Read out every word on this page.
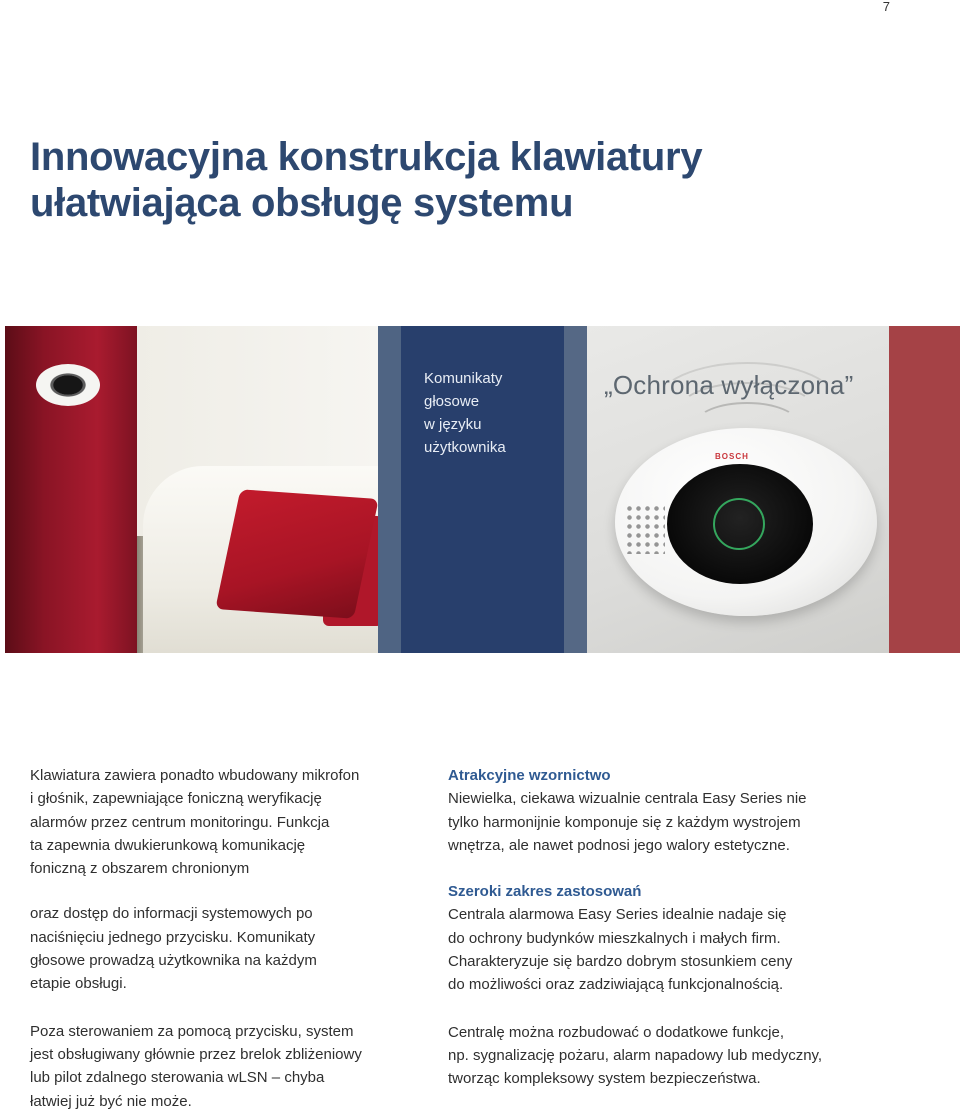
7
Innowacyjna konstrukcja klawiatury
ułatwiająca obsługę systemu
BOSCH

Komunikaty
głosowe
w języku
użytkownika

„Ochrona wyłączona”

Klawiatura zawiera ponadto wbudowany mikrofon
i głośnik, zapewniające foniczną weryfikację
alarmów przez centrum monitoringu. Funkcja
ta zapewnia dwukierunkową komunikację
foniczną z obszarem chronionym

oraz dostęp do informacji systemowych po
naciśnięciu jednego przycisku. Komunikaty
głosowe prowadzą użytkownika na każdym
etapie obsługi.

Poza sterowaniem za pomocą przycisku, system
jest obsługiwany głównie przez brelok zbliżeniowy
lub pilot zdalnego sterowania wLSN – chyba
łatwiej już być nie może.

Atrakcyjne wzornictwo

Niewielka, ciekawa wizualnie centrala Easy Series nie
tylko harmonijnie komponuje się z każdym wystrojem
wnętrza, ale nawet podnosi jego walory estetyczne.

Szeroki zakres zastosowań

Centrala alarmowa Easy Series idealnie nadaje się
do ochrony budynków mieszkalnych i małych firm.
Charakteryzuje się bardzo dobrym stosunkiem ceny
do możliwości oraz zadziwiającą funkcjonalnością.

Centralę można rozbudować o dodatkowe funkcje,
np. sygnalizację pożaru, alarm napadowy lub medyczny,
tworząc kompleksowy system bezpieczeństwa.
